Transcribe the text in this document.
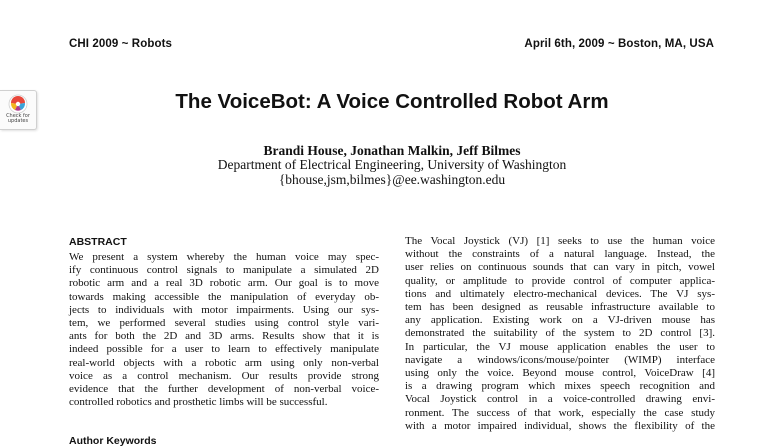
CHI 2009 ~ Robots	April 6th, 2009 ~ Boston, MA, USA
Check for
updates
The VoiceBot: A Voice Controlled Robot Arm
Brandi House, Jonathan Malkin, Jeff Bilmes
Department of Electrical Engineering, University of Washington
{bhouse,jsm,bilmes}@ee.washington.edu
ABSTRACT
We present a system whereby the human voice may spec-
ify continuous control signals to manipulate a simulated 2D
robotic arm and a real 3D robotic arm. Our goal is to move
towards making accessible the manipulation of everyday ob-
jects to individuals with motor impairments. Using our sys-
tem, we performed several studies using control style vari-
ants for both the 2D and 3D arms. Results show that it is
indeed possible for a user to learn to effectively manipulate
real-world objects with a robotic arm using only non-verbal
voice as a control mechanism. Our results provide strong
evidence that the further development of non-verbal voice-
controlled robotics and prosthetic limbs will be successful.
Author Keywords
The Vocal Joystick (VJ) [1] seeks to use the human voice
without the constraints of a natural language. Instead, the
user relies on continuous sounds that can vary in pitch, vowel
quality, or amplitude to provide control of computer applica-
tions and ultimately electro-mechanical devices. The VJ sys-
tem has been designed as reusable infrastructure available to
any application. Existing work on a VJ-driven mouse has
demonstrated the suitability of the system to 2D control [3].
In particular, the VJ mouse application enables the user to
navigate a windows/icons/mouse/pointer (WIMP) interface
using only the voice. Beyond mouse control, VoiceDraw [4]
is a drawing program which mixes speech recognition and
Vocal Joystick control in a voice-controlled drawing envi-
ronment. The success of that work, especially the case study
with a motor impaired individual, shows the flexibility of the
